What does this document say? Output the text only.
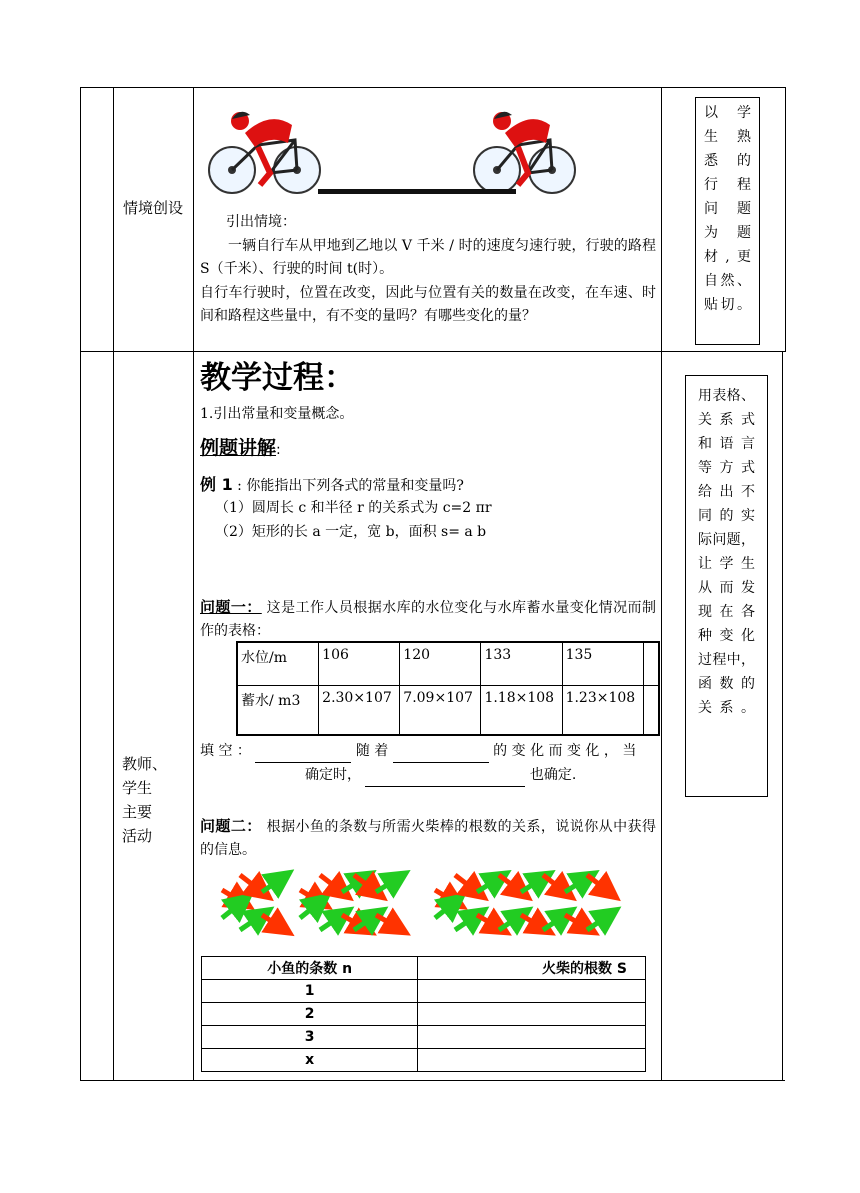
情境创设
引出情境：
一辆自行车从甲地到乙地以 V 千米 / 时的速度匀速行驶，行驶的路程 S（千米）、行驶的时间 t(时）。
自行车行驶时，位置在改变，因此与位置有关的数量在改变，在车速、时间和路程这些量中，有不变的量吗？有哪些变化的量？
以 学
生 熟
悉 的
行 程
问 题
为 题
材,更
自然、
贴切。
教师、
学生
主要
活动
教学过程：
1.引出常量和变量概念。
例题讲解:
例 1 : 你能指出下列各式的常量和变量吗?
（1）圆周长 c 和半径 r 的关系式为 c=2 πr
（2）矩形的长 a 一定，宽 b，面积 s= a b
问题一： 这是工作人员根据水库的水位变化与水库蓄水量变化情况而制作的表格：
水位/m	106	120	133	135	
蓄水/ m3	2.30×107	7.09×107	1.18×108	1.23×108	
填 空 ：	随 着	的 变 化 而 变 化 ， 当
确定时，	也确定.
问题二： 根据小鱼的条数与所需火柴棒的根数的关系，说说你从中获得的信息。
小鱼的条数 n	火柴的根数 S
1	
2	
3	
x	
用表格、
关 系 式
和 语 言
等 方 式
给 出 不
同 的 实
际问题，
让 学 生
从 而 发
现 在 各
种 变 化
过程中，
函 数 的
关系。
